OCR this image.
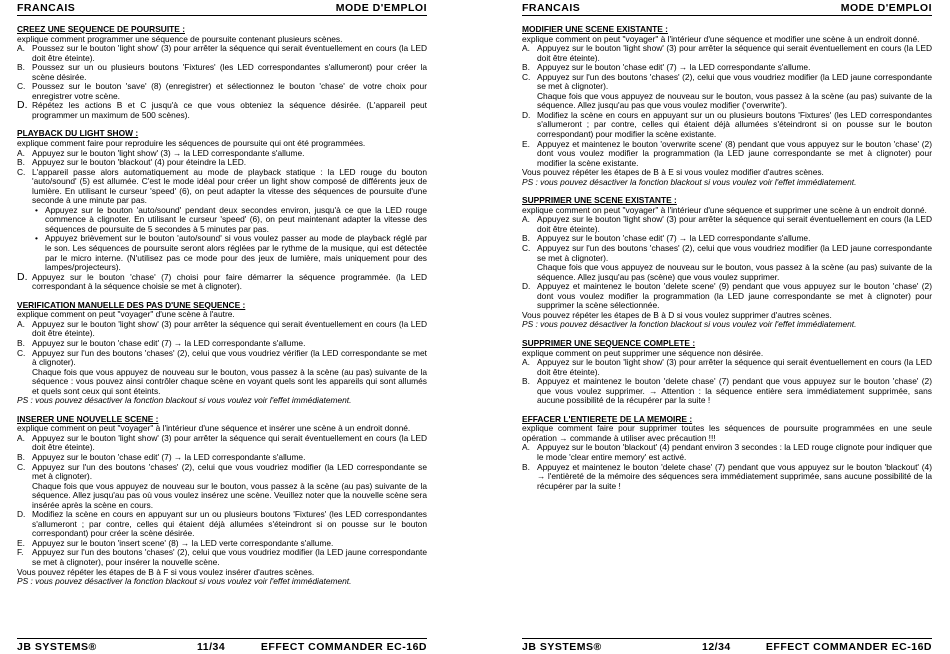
FRANCAIS	MODE D'EMPLOI
CREEZ UNE SEQUENCE DE POURSUITE :
explique comment programmer une séquence de poursuite contenant plusieurs scènes.
A. Poussez sur le bouton 'light show' (3) pour arrêter la séquence qui serait éventuellement en cours (la LED doit être éteinte).
B. Poussez sur un ou plusieurs boutons 'Fixtures' (les LED correspondantes s'allumeront) pour créer la scène désirée.
C. Poussez sur le bouton 'save' (8) (enregistrer) et sélectionnez le bouton 'chase' de votre choix pour enregistrer votre scène.
D. Répétez les actions B et C jusqu'à ce que vous obteniez la séquence désirée. (L'appareil peut programmer un maximum de 500 scènes).
PLAYBACK DU LIGHT SHOW :
explique comment faire pour reproduire les séquences de poursuite qui ont été programmées.
A. Appuyez sur le bouton 'light show' (3) → la LED correspondante s'allume.
B. Appuyez sur le bouton 'blackout' (4) pour éteindre la LED.
C. L'appareil passe alors automatiquement au mode de playback statique : la LED rouge du bouton 'auto/sound' (5) est allumée. C'est le mode idéal pour créer un light show composé de différents jeux de lumière. En utilisant le curseur 'speed' (6), on peut adapter la vitesse des séquences de poursuite d'une seconde à une minute par pas.
• Appuyez sur le bouton 'auto/sound' pendant deux secondes environ, jusqu'à ce que la LED rouge commence à clignoter. En utilisant le curseur 'speed' (6), on peut maintenant adapter la vitesse des séquences de poursuite de 5 secondes à 5 minutes par pas.
• Appuyez brièvement sur le bouton 'auto/sound' si vous voulez passer au mode de playback réglé par le son. Les séquences de poursuite seront alors réglées par le rythme de la musique, qui est détectée par le micro interne. (N'utilisez pas ce mode pour des jeux de lumière, mais uniquement pour des lampes/projecteurs).
D. Appuyez sur le bouton 'chase' (7) choisi pour faire démarrer la séquence programmée. (la LED correspondant à la séquence choisie se met à clignoter).
VERIFICATION MANUELLE DES PAS D'UNE SEQUENCE :
explique comment on peut "voyager" d'une scène à l'autre.
A. Appuyez sur le bouton 'light show' (3) pour arrêter la séquence qui serait éventuellement en cours (la LED doit être éteinte).
B. Appuyez sur le bouton 'chase edit' (7) → la LED correspondante s'allume.
C. Appuyez sur l'un des boutons 'chases' (2), celui que vous voudriez vérifier (la LED correspondante se met à clignoter).
Chaque fois que vous appuyez de nouveau sur le bouton, vous passez à la scène (au pas) suivante de la séquence : vous pouvez ainsi contrôler chaque scène en voyant quels sont les appareils qui sont allumés et quels sont ceux qui sont éteints.
PS : vous pouvez désactiver la fonction blackout si vous voulez voir l'effet immédiatement.
INSERER UNE NOUVELLE SCENE :
explique comment on peut "voyager" à l'intérieur d'une séquence et insérer une scène à un endroit donné.
A. Appuyez sur le bouton 'light show' (3) pour arrêter la séquence qui serait éventuellement en cours (la LED doit être éteinte).
B. Appuyez sur le bouton 'chase edit' (7) → la LED correspondante s'allume.
C. Appuyez sur l'un des boutons 'chases' (2), celui que vous voudriez modifier (la LED correspondante se met à clignoter).
Chaque fois que vous appuyez de nouveau sur le bouton, vous passez à la scène (au pas) suivante de la séquence. Allez jusqu'au pas où vous voulez insérez une scène. Veuillez noter que la nouvelle scène sera insérée après la scène en cours.
D. Modifiez la scène en cours en appuyant sur un ou plusieurs boutons 'Fixtures' (les LED correspondantes s'allumeront ; par contre, celles qui étaient déjà allumées s'éteindront si on pousse sur le bouton correspondant) pour créer la scène désirée.
E. Appuyez sur le bouton 'insert scene' (8) → la LED verte correspondante s'allume.
F.	Appuyez sur l'un des boutons 'chases' (2), celui que vous voudriez modifier (la LED jaune correspondante se met à clignoter), pour insérer la nouvelle scène.
Vous pouvez répéter les étapes de B à F si vous voulez insérer d'autres scènes.
PS : vous pouvez désactiver la fonction blackout si vous voulez voir l'effet immédiatement.
JB SYSTEMS®	11/34	EFFECT COMMANDER EC-16D
FRANCAIS	MODE D'EMPLOI
MODIFIER UNE SCENE EXISTANTE :
explique comment on peut "voyager" à l'intérieur d'une séquence et modifier une scène à un endroit donné.
A. Appuyez sur le bouton 'light show' (3) pour arrêter la séquence qui serait éventuellement en cours (la LED doit être éteinte).
B. Appuyez sur le bouton 'chase edit' (7) → la LED correspondante s'allume.
C. Appuyez sur l'un des boutons 'chases' (2), celui que vous voudriez modifier (la LED jaune correspondante se met à clignoter).
Chaque fois que vous appuyez de nouveau sur le bouton, vous passez à la scène (au pas) suivante de la séquence. Allez jusqu'au pas que vous voulez modifier ('overwrite').
D. Modifiez la scène en cours en appuyant sur un ou plusieurs boutons 'Fixtures' (les LED correspondantes s'allumeront ; par contre, celles qui étaient déjà allumées s'éteindront si on pousse sur le bouton correspondant) pour modifier la scène existante.
E. Appuyez et maintenez le bouton 'overwrite scene' (8) pendant que vous appuyez sur le bouton 'chase' (2) dont vous voulez modifier la programmation (la LED jaune correspondante se met à clignoter) pour modifier la scène existante.
Vous pouvez répéter les étapes de B à E si vous voulez modifier d'autres scènes.
PS : vous pouvez désactiver la fonction blackout si vous voulez voir l'effet immédiatement.
SUPPRIMER UNE SCENE EXISTANTE :
explique comment on peut "voyager" à l'intérieur d'une séquence et supprimer une scène à un endroit donné.
A. Appuyez sur le bouton 'light show' (3) pour arrêter la séquence qui serait éventuellement en cours (la LED doit être éteinte).
B. Appuyez sur le bouton 'chase edit' (7) → la LED correspondante s'allume.
C. Appuyez sur l'un des boutons 'chases' (2), celui que vous voudriez modifier (la LED jaune correspondante se met à clignoter).
Chaque fois que vous appuyez de nouveau sur le bouton, vous passez à la scène (au pas) suivante de la séquence. Allez jusqu'au pas (scène) que vous voulez supprimer.
D. Appuyez et maintenez le bouton 'delete scene' (9) pendant que vous appuyez sur le bouton 'chase' (2) dont vous voulez modifier la programmation (la LED jaune correspondante se met à clignoter) pour supprimer la scène sélectionnée.
Vous pouvez répéter les étapes de B à D si vous voulez supprimer d'autres scènes.
PS : vous pouvez désactiver la fonction blackout si vous voulez voir l'effet immédiatement.
SUPPRIMER UNE SEQUENCE COMPLETE :
explique comment on peut supprimer une séquence non désirée.
A. Appuyez sur le bouton 'light show' (3) pour arrêter la séquence qui serait éventuellement en cours (la LED doit être éteinte).
B. Appuyez et maintenez le bouton 'delete chase' (7) pendant que vous appuyez sur le bouton 'chase' (2) que vous voulez supprimer. → Attention : la séquence entière sera immédiatement supprimée, sans aucune possibilité de la récupérer par la suite !
EFFACER L'ENTIERETE DE LA MEMOIRE :
explique comment faire pour supprimer toutes les séquences de poursuite programmées en une seule opération → commande à utiliser avec précaution !!!
A. Appuyez sur le bouton 'blackout' (4) pendant environ 3 secondes : la LED rouge clignote pour indiquer que le mode 'clear entire memory' est activé.
B. Appuyez et maintenez le bouton 'delete chase' (7) pendant que vous appuyez sur le bouton 'blackout' (4) → l'entièreté de la mémoire des séquences sera immédiatement supprimée, sans aucune possibilité de la récupérer par la suite !
JB SYSTEMS®	12/34	EFFECT COMMANDER EC-16D
